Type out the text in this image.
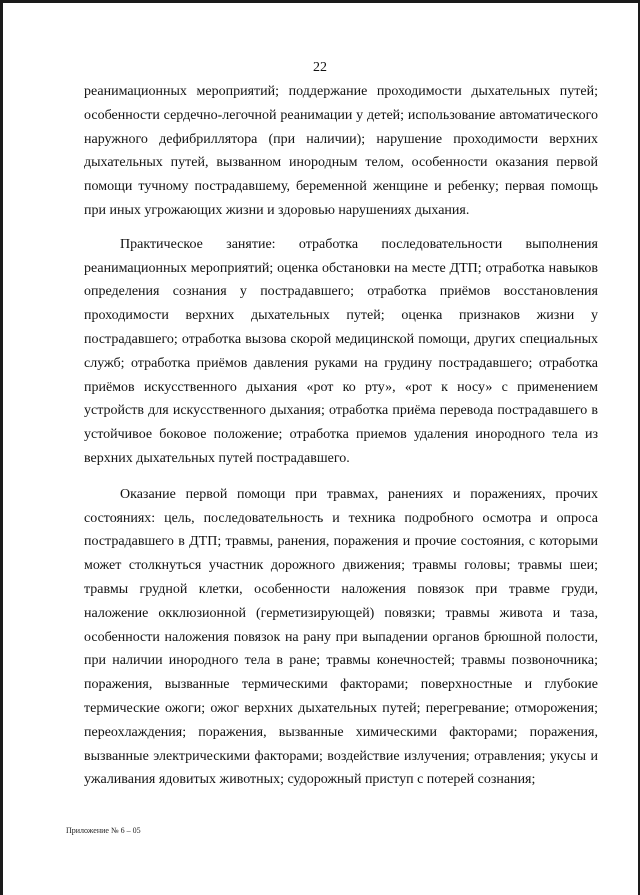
22

реанимационных мероприятий; поддержание проходимости дыхательных путей; особенности сердечно-легочной реанимации у детей; использование автоматического наружного дефибриллятора (при наличии); нарушение проходимости верхних дыхательных путей, вызванном инородным телом, особенности оказания первой помощи тучному пострадавшему, беременной женщине и ребенку; первая помощь при иных угрожающих жизни и здоровью нарушениях дыхания.

Практическое занятие: отработка последовательности выполнения реанимационных мероприятий; оценка обстановки на месте ДТП; отработка навыков определения сознания у пострадавшего; отработка приёмов восстановления проходимости верхних дыхательных путей; оценка признаков жизни у пострадавшего; отработка вызова скорой медицинской помощи, других специальных служб; отработка приёмов давления руками на грудину пострадавшего; отработка приёмов искусственного дыхания «рот ко рту», «рот к носу» с применением устройств для искусственного дыхания; отработка приёма перевода пострадавшего в устойчивое боковое положение; отработка приемов удаления инородного тела из верхних дыхательных путей пострадавшего.

Оказание первой помощи при травмах, ранениях и поражениях, прочих состояниях: цель, последовательность и техника подробного осмотра и опроса пострадавшего в ДТП; травмы, ранения, поражения и прочие состояния, с которыми может столкнуться участник дорожного движения; травмы головы; травмы шеи; травмы грудной клетки, особенности наложения повязок при травме груди, наложение окклюзионной (герметизирующей) повязки; травмы живота и таза, особенности наложения повязок на рану при выпадении органов брюшной полости, при наличии инородного тела в ране; травмы конечностей; травмы позвоночника; поражения, вызванные термическими факторами; поверхностные и глубокие термические ожоги; ожог верхних дыхательных путей; перегревание; отморожения; переохлаждения; поражения, вызванные химическими факторами; поражения, вызванные электрическими факторами; воздействие излучения; отравления; укусы и ужаливания ядовитых животных; судорожный приступ с потерей сознания;

Приложение № 6 – 05
